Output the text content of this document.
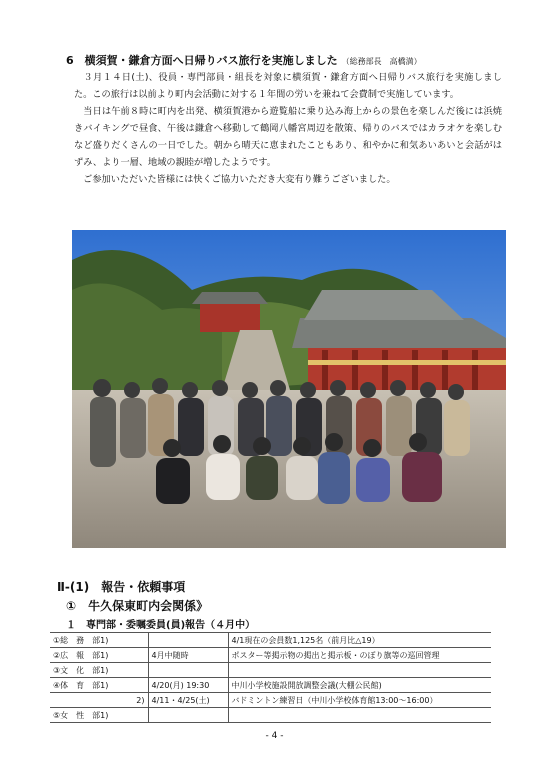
6　横須賀・鎌倉方面へ日帰りバス旅行を実施しました （総務部長　高橋満）

　３月１４日(土)、役員・専門部員・組長を対象に横須賀・鎌倉方面へ日帰りバス旅行を実施しました。この旅行は以前より町内会活動に対する１年間の労いを兼ねて会費制で実施しています。

　当日は午前８時に町内を出発、横須賀港から遊覧船に乗り込み海上からの景色を楽しんだ後には浜焼きバイキングで昼食、午後は鎌倉へ移動して鶴岡八幡宮周辺を散策、帰りのバスではカラオケを楽しむなど盛りだくさんの一日でした。朝から晴天に恵まれたこともあり、和やかに和気あいあいと会話がはずみ、より一層、地域の親睦が増したようです。

　ご参加いただいた皆様には快くご協力いただき大変有り難うございました。

Ⅱ-(1)　報告・依頼事項
①　牛久保東町内会関係》
１ 専門部・委嘱委員(員)報告（４月中）
①総　務　部1)		4/1現在の会員数1,125名（前月比△19）
②広　報　部1)	4月中随時	ポスター等掲示物の掲出と掲示板・のぼり旗等の巡回管理
③文　化　部1)		
④体　育　部1)	4/20(月) 19:30	中川小学校施設開放調整会議(大棚公民館)
2)	4/11・4/25(土)	バドミントン練習日（中川小学校体育館13:00～16:00）
⑤女　性　部1)		
- 4 -
